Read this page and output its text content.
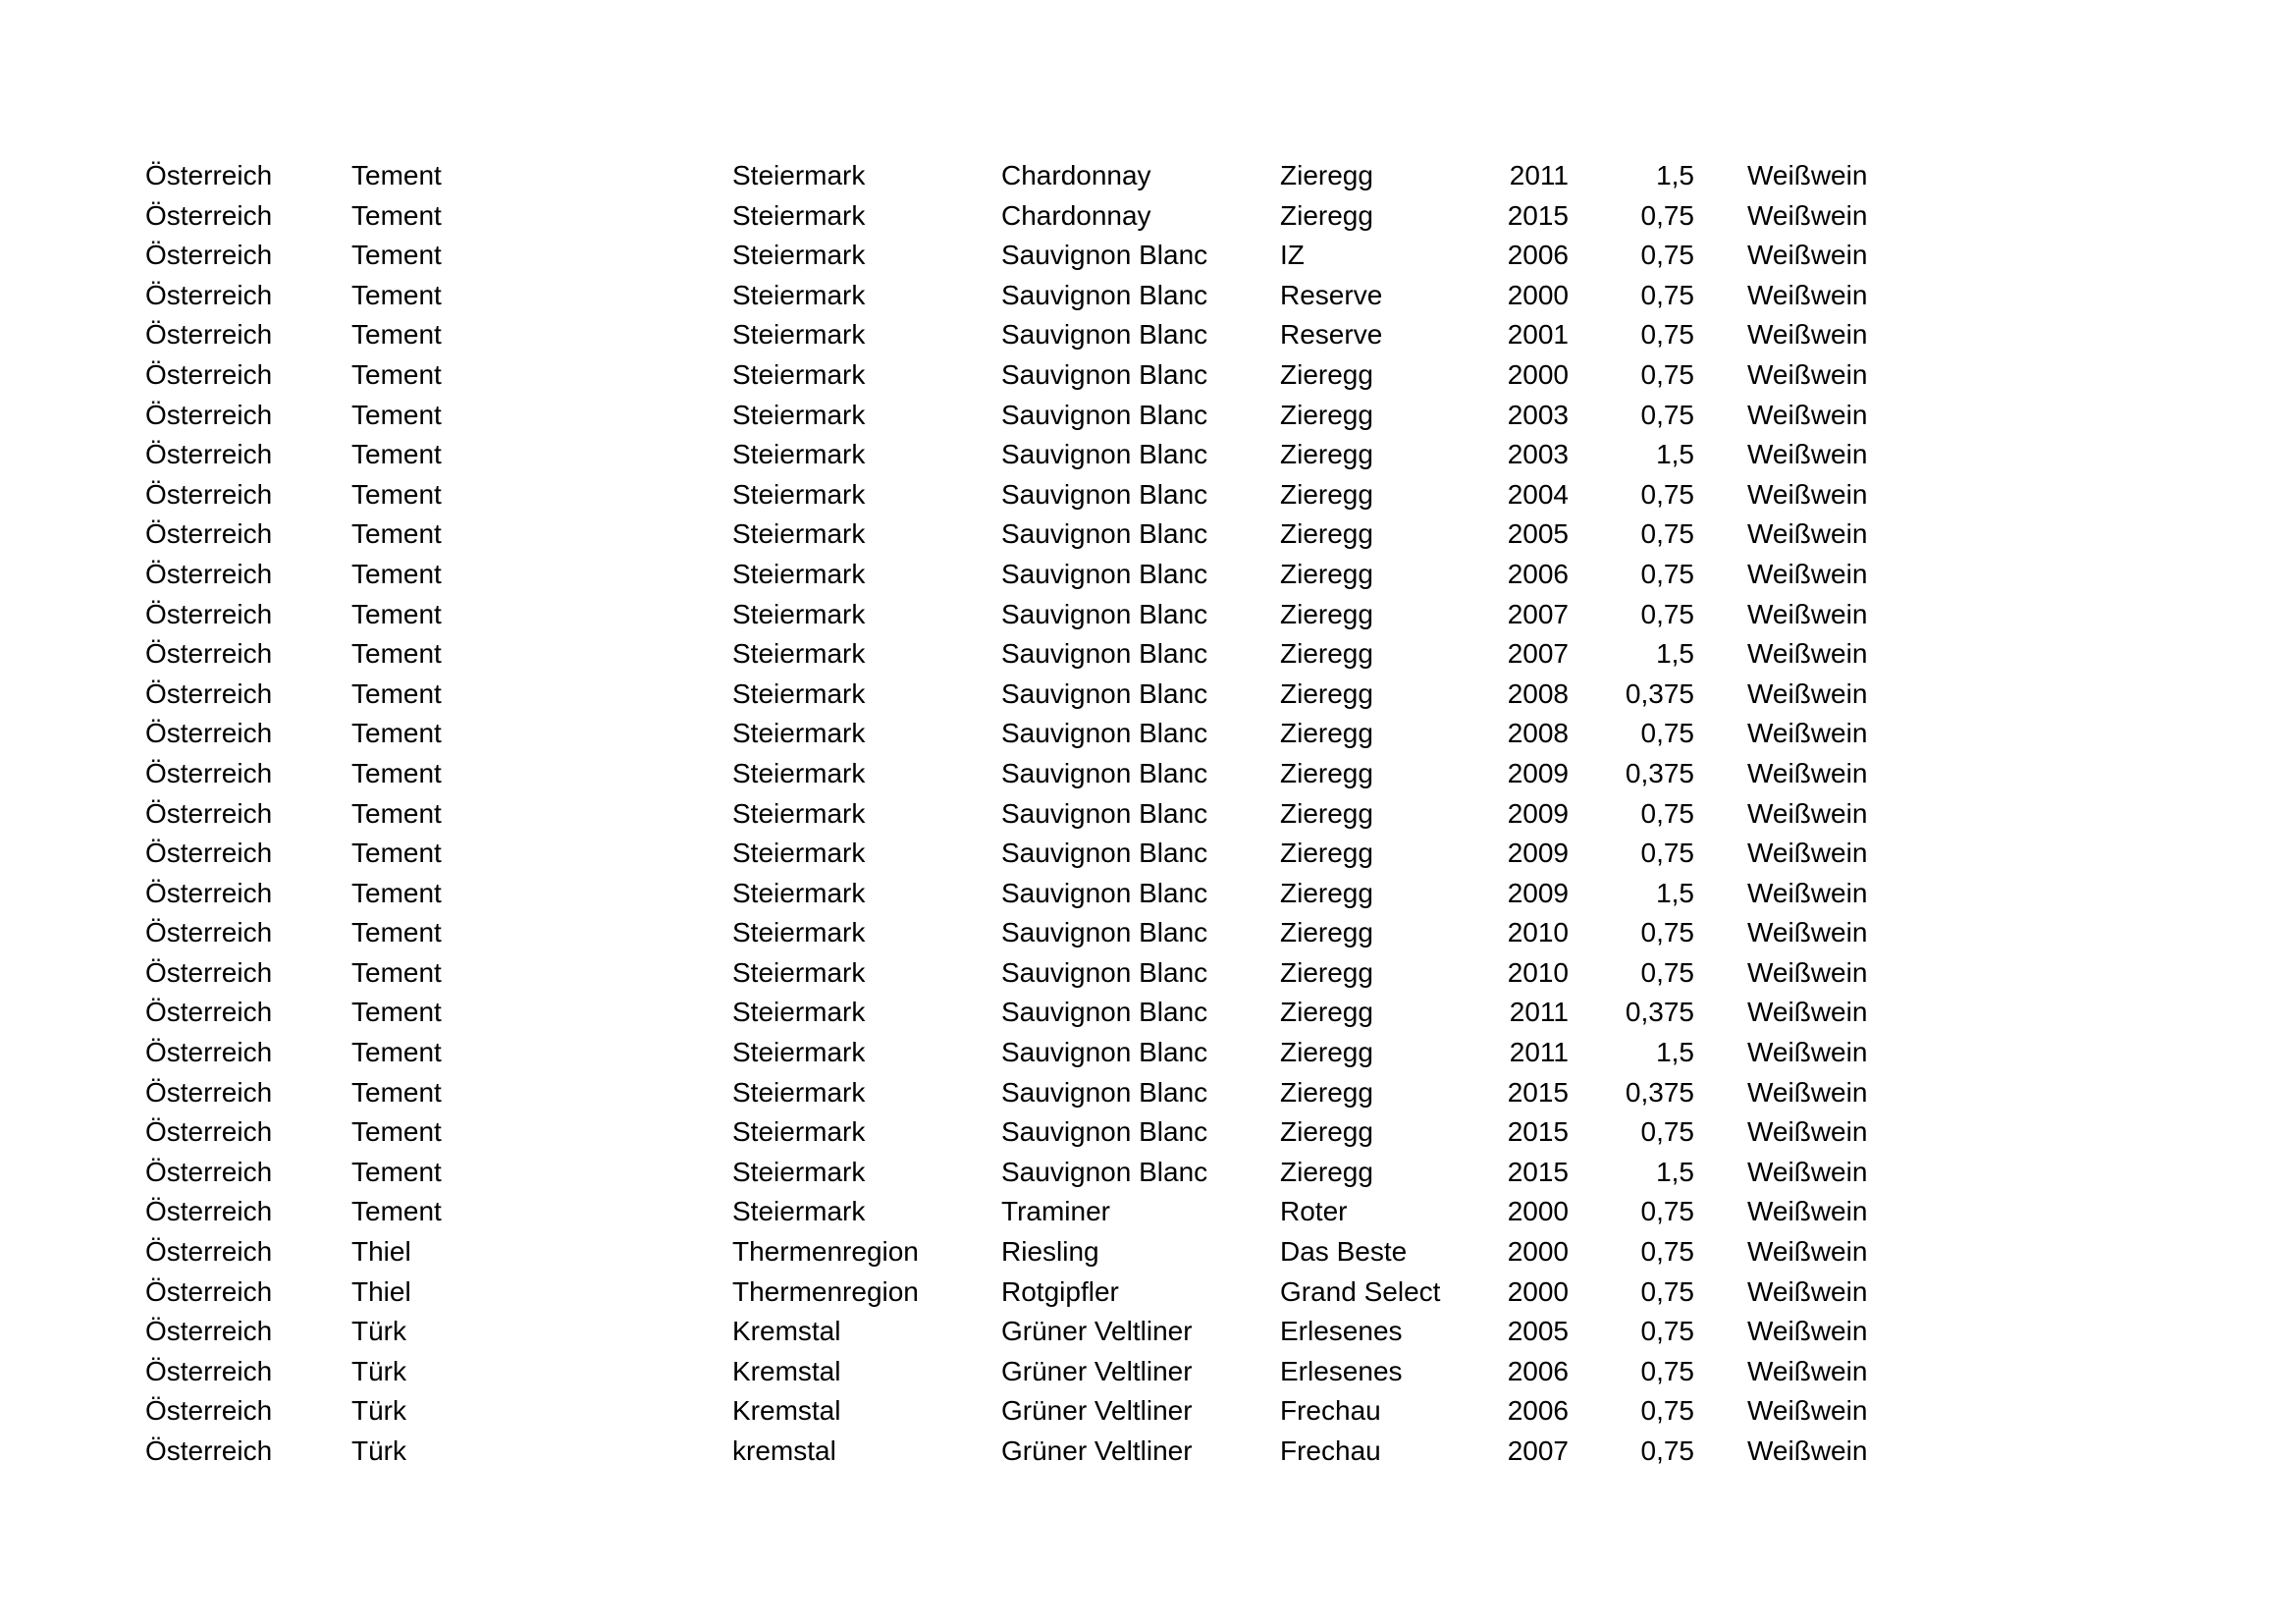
Österreich	Tement	Steiermark	Chardonnay	Zieregg	2011	1,5	Weißwein
Österreich	Tement	Steiermark	Chardonnay	Zieregg	2015	0,75	Weißwein
Österreich	Tement	Steiermark	Sauvignon Blanc	IZ	2006	0,75	Weißwein
Österreich	Tement	Steiermark	Sauvignon Blanc	Reserve	2000	0,75	Weißwein
Österreich	Tement	Steiermark	Sauvignon Blanc	Reserve	2001	0,75	Weißwein
Österreich	Tement	Steiermark	Sauvignon Blanc	Zieregg	2000	0,75	Weißwein
Österreich	Tement	Steiermark	Sauvignon Blanc	Zieregg	2003	0,75	Weißwein
Österreich	Tement	Steiermark	Sauvignon Blanc	Zieregg	2003	1,5	Weißwein
Österreich	Tement	Steiermark	Sauvignon Blanc	Zieregg	2004	0,75	Weißwein
Österreich	Tement	Steiermark	Sauvignon Blanc	Zieregg	2005	0,75	Weißwein
Österreich	Tement	Steiermark	Sauvignon Blanc	Zieregg	2006	0,75	Weißwein
Österreich	Tement	Steiermark	Sauvignon Blanc	Zieregg	2007	0,75	Weißwein
Österreich	Tement	Steiermark	Sauvignon Blanc	Zieregg	2007	1,5	Weißwein
Österreich	Tement	Steiermark	Sauvignon Blanc	Zieregg	2008	0,375	Weißwein
Österreich	Tement	Steiermark	Sauvignon Blanc	Zieregg	2008	0,75	Weißwein
Österreich	Tement	Steiermark	Sauvignon Blanc	Zieregg	2009	0,375	Weißwein
Österreich	Tement	Steiermark	Sauvignon Blanc	Zieregg	2009	0,75	Weißwein
Österreich	Tement	Steiermark	Sauvignon Blanc	Zieregg	2009	0,75	Weißwein
Österreich	Tement	Steiermark	Sauvignon Blanc	Zieregg	2009	1,5	Weißwein
Österreich	Tement	Steiermark	Sauvignon Blanc	Zieregg	2010	0,75	Weißwein
Österreich	Tement	Steiermark	Sauvignon Blanc	Zieregg	2010	0,75	Weißwein
Österreich	Tement	Steiermark	Sauvignon Blanc	Zieregg	2011	0,375	Weißwein
Österreich	Tement	Steiermark	Sauvignon Blanc	Zieregg	2011	1,5	Weißwein
Österreich	Tement	Steiermark	Sauvignon Blanc	Zieregg	2015	0,375	Weißwein
Österreich	Tement	Steiermark	Sauvignon Blanc	Zieregg	2015	0,75	Weißwein
Österreich	Tement	Steiermark	Sauvignon Blanc	Zieregg	2015	1,5	Weißwein
Österreich	Tement	Steiermark	Traminer	Roter	2000	0,75	Weißwein
Österreich	Thiel	Thermenregion	Riesling	Das Beste	2000	0,75	Weißwein
Österreich	Thiel	Thermenregion	Rotgipfler	Grand Select	2000	0,75	Weißwein
Österreich	Türk	Kremstal	Grüner Veltliner	Erlesenes	2005	0,75	Weißwein
Österreich	Türk	Kremstal	Grüner Veltliner	Erlesenes	2006	0,75	Weißwein
Österreich	Türk	Kremstal	Grüner Veltliner	Frechau	2006	0,75	Weißwein
Österreich	Türk	kremstal	Grüner Veltliner	Frechau	2007	0,75	Weißwein
